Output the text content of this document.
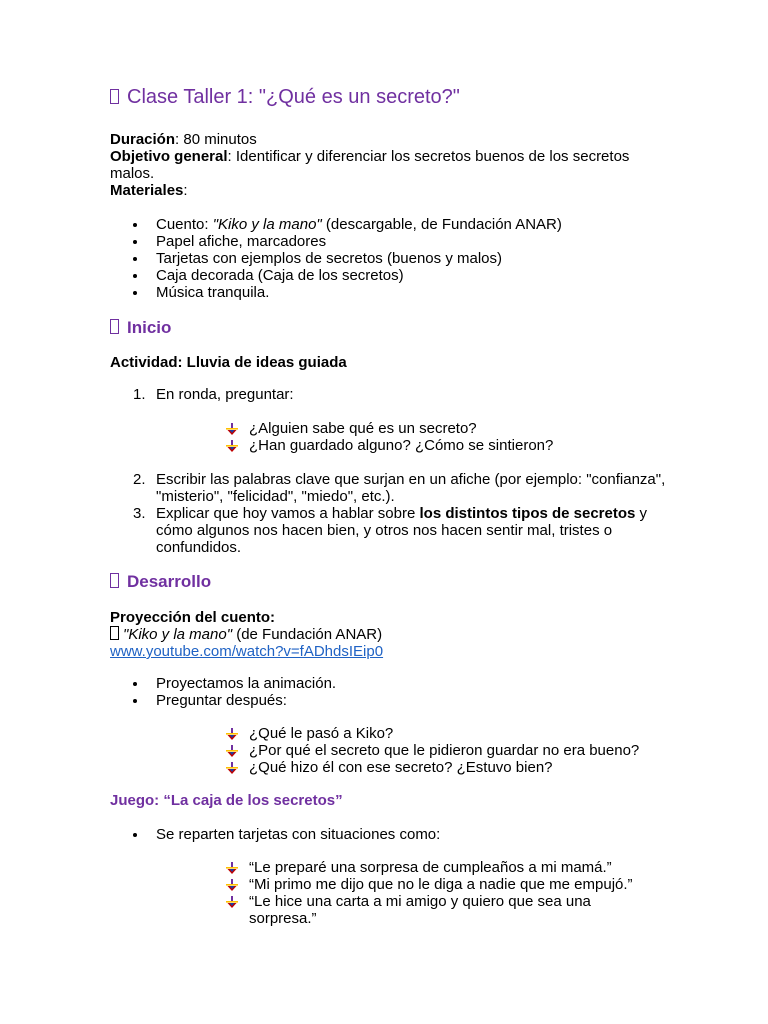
Clase Taller 1: "¿Qué es un secreto?"

Duración: 80 minutos

Objetivo general: Identificar y diferenciar los secretos buenos de los secretos malos.

Materiales:

Cuento: "Kiko y la mano" (descargable, de Fundación ANAR)
Papel afiche, marcadores
Tarjetas con ejemplos de secretos (buenos y malos)
Caja decorada (Caja de los secretos)
Música tranquila.
Inicio

Actividad: Lluvia de ideas guiada

1. En ronda, preguntar:
¿Alguien sabe qué es un secreto?
¿Han guardado alguno? ¿Cómo se sintieron?
2. Escribir las palabras clave que surjan en un afiche (por ejemplo: "confianza", "misterio", "felicidad", "miedo", etc.).
3. Explicar que hoy vamos a hablar sobre los distintos tipos de secretos y cómo algunos nos hacen bien, y otros nos hacen sentir mal, tristes o confundidos.
Desarrollo

Proyección del cuento:

"Kiko y la mano" (de Fundación ANAR)

www.youtube.com/watch?v=fADhdsIEip0

Proyectamos la animación.
Preguntar después:
¿Qué le pasó a Kiko?
¿Por qué el secreto que le pidieron guardar no era bueno?
¿Qué hizo él con ese secreto? ¿Estuvo bien?

Juego: “La caja de los secretos”

Se reparten tarjetas con situaciones como:
“Le preparé una sorpresa de cumpleaños a mi mamá.”
“Mi primo me dijo que no le diga a nadie que me empujó.”
“Le hice una carta a mi amigo y quiero que sea una sorpresa.”
